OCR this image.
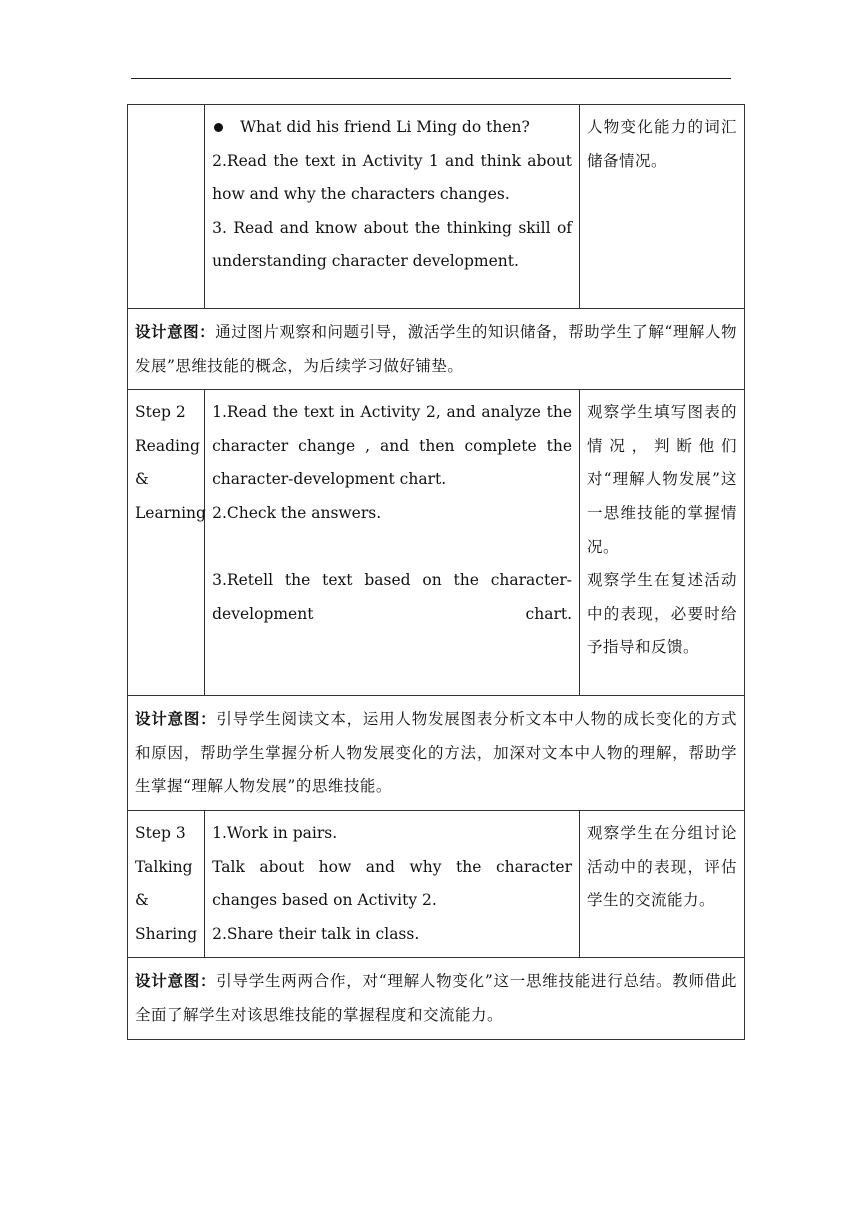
	What did his friend Li Ming do then?
2.Read the text in Activity 1 and think about how and why the characters changes.
3. Read and know about the thinking skill of understanding character development.	人物变化能力的词汇储备情况。

设计意图：通过图片观察和问题引导，激活学生的知识储备，帮助学生了解“理解人物发展”思维技能的概念，为后续学习做好铺垫。		

Step 2
Reading
&
Learning	1.Read the text in Activity 2, and analyze the character change , and then complete the character-development chart.
2.Check the answers.
3.Retell the text based on the character-development chart.	观察学生填写图表的情况，判断他们对“理解人物发展”这一思维技能的掌握情况。
观察学生在复述活动中的表现，必要时给予指导和反馈。

设计意图：引导学生阅读文本，运用人物发展图表分析文本中人物的成长变化的方式和原因，帮助学生掌握分析人物发展变化的方法，加深对文本中人物的理解，帮助学生掌握“理解人物发展”的思维技能。		

Step 3
Talking
&
Sharing	1.Work in pairs.
Talk about how and why the character changes based on Activity 2.
2.Share their talk in class.	观察学生在分组讨论活动中的表现，评估学生的交流能力。

设计意图：引导学生两两合作，对“理解人物变化”这一思维技能进行总结。教师借此全面了解学生对该思维技能的掌握程度和交流能力。		
